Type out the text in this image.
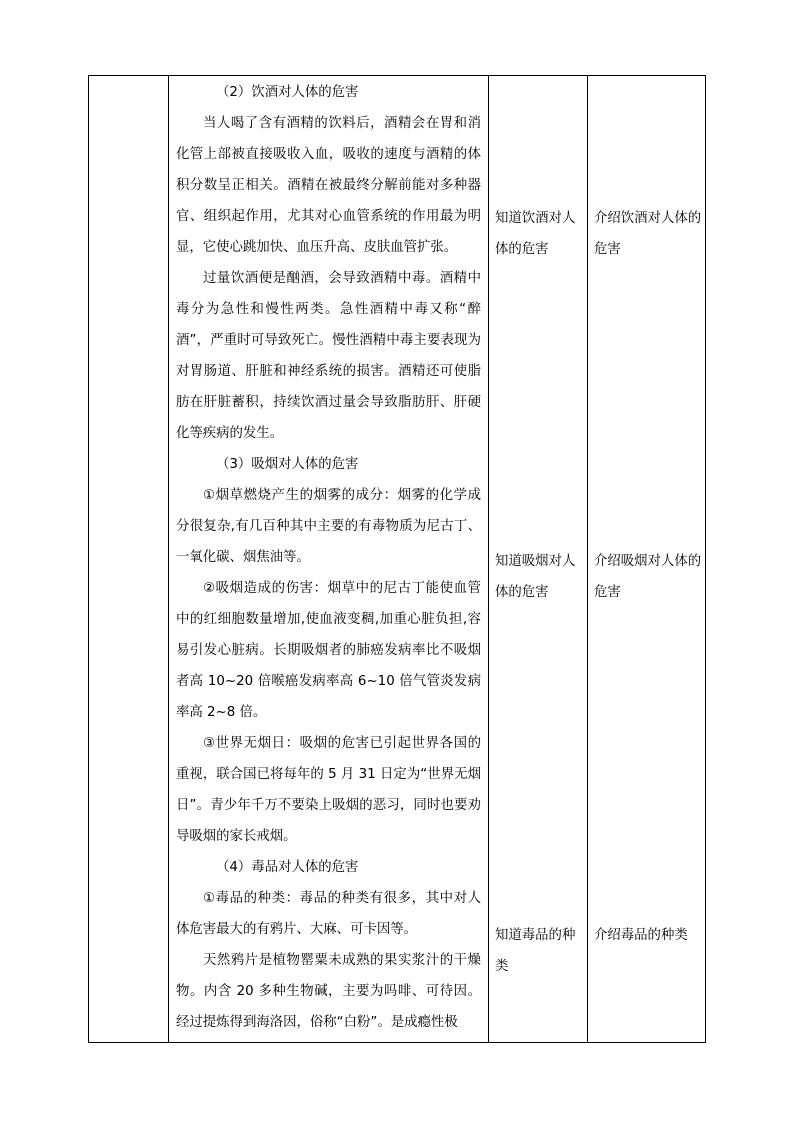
（2）饮酒对人体的危害

当人喝了含有酒精的饮料后，酒精会在胃和消化管上部被直接吸收入血，吸收的速度与酒精的体积分数呈正相关。酒精在被最终分解前能对多种器官、组织起作用，尤其对心血管系统的作用最为明显，它使心跳加快、血压升高、皮肤血管扩张。

过量饮酒便是酗酒，会导致酒精中毒。酒精中毒分为急性和慢性两类。急性酒精中毒又称“醉酒”，严重时可导致死亡。慢性酒精中毒主要表现为对胃肠道、肝脏和神经系统的损害。酒精还可使脂肪在肝脏蓄积，持续饮酒过量会导致脂肪肝、肝硬化等疾病的发生。

（3）吸烟对人体的危害

①烟草燃烧产生的烟雾的成分：烟雾的化学成分很复杂,有几百种其中主要的有毒物质为尼古丁、一氧化碳、烟焦油等。

②吸烟造成的伤害：烟草中的尼古丁能使血管中的红细胞数量增加,使血液变稠,加重心脏负担,容易引发心脏病。长期吸烟者的肺癌发病率比不吸烟者高 10~20 倍喉癌发病率高 6~10 倍气管炎发病率高 2~8 倍。

③世界无烟日：吸烟的危害已引起世界各国的重视，联合国已将每年的 5 月 31 日定为“世界无烟日”。青少年千万不要染上吸烟的恶习，同时也要劝导吸烟的家长戒烟。

（4）毒品对人体的危害

①毒品的种类：毒品的种类有很多，其中对人体危害最大的有鸦片、大麻、可卡因等。

天然鸦片是植物罂粟未成熟的果实浆汁的干燥物。内含 20 多种生物碱，主要为吗啡、可待因。经过提炼得到海洛因，俗称“白粉”。是成瘾性极

知道饮酒对人体的危害
介绍饮酒对人体的危害
知道吸烟对人体的危害
介绍吸烟对人体的危害
知道毒品的种类
介绍毒品的种类
